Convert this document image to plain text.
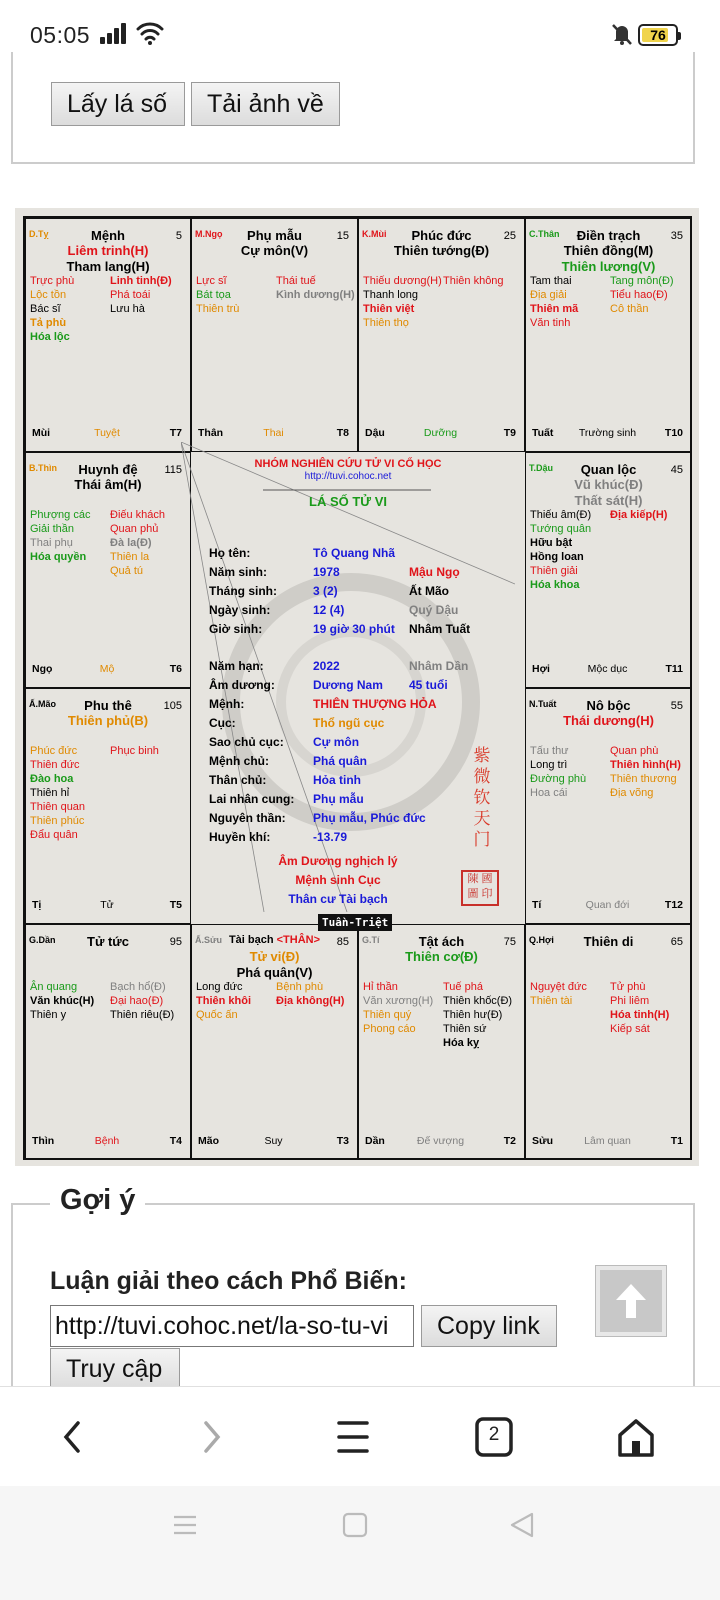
05:05	76
Lấy lá số	Tải ảnh về
D.Tỵ	Mệnh	5
Liêm trinh(H)
Tham lang(H)
Trực phù	Linh tinh(Đ)
Lộc tồn	Phá toái
Bác sĩ	Lưu hà
Tả phù
Hóa lộc
Mùi	Tuyệt	T7
M.Ngọ	Phụ mẫu	15
Cự môn(V)
Lực sĩ	Thái tuế
Bát tọa	Kình dương(H)
Thiên trù
Thân	Thai	T8
K.Mùi	Phúc đức	25
Thiên tướng(Đ)
Thiếu dương(H) Thiên không
Thanh long
Thiên việt
Thiên thọ
Dậu	Dưỡng	T9
C.Thân	Điền trạch	35
Thiên đồng(M)
Thiên lương(V)
Tam thai	Tang môn(Đ)
Địa giải	Tiểu hao(Đ)
Thiên mã	Cô thần
Văn tinh
Tuất	Trường sinh	T10
B.Thìn	Huynh đệ	115
Thái âm(H)
Phượng các	Điếu khách
Giải thần	Quan phủ
Thai phụ	Đà la(Đ)
Hóa quyền	Thiên la
Quả tú
Ngọ	Mộ	T6
T.Dậu	Quan lộc	45
Vũ khúc(Đ)
Thất sát(H)
Thiếu âm(Đ)	Địa kiếp(H)
Tướng quân
Hữu bật
Hồng loan
Thiên giải
Hóa khoa
Hợi	Mộc dục	T11
Ấ.Mão	Phu thê	105
Thiên phủ(B)
Phúc đức	Phục binh
Thiên đức
Đào hoa
Thiên hỉ
Thiên quan
Thiên phúc
Đẩu quân
Tị	Tử	T5
N.Tuất	Nô bộc	55
Thái dương(H)
Tấu thư	Quan phù
Long trì	Thiên hình(H)
Đường phù	Thiên thương
Hoa cái	Địa võng
Tí	Quan đới	T12
G.Dần	Tử tức	95
Ân quang	Bạch hổ(Đ)
Văn khúc(H)	Đại hao(Đ)
Thiên y	Thiên riêu(Đ)
Thìn	Bệnh	T4
Ấ.Sửu Tài bạch <THÂN>	85
Tử vi(Đ)
Phá quân(V)
Long đức	Bệnh phù
Thiên khôi	Địa không(H)
Quốc ấn
Mão	Suy	T3
G.Tí	Tật ách	75
Thiên cơ(Đ)
Hỉ thần	Tuế phá
Văn xương(H) Thiên khốc(Đ)
Thiên quý	Thiên hư(Đ)
Phong cáo	Thiên sứ
Hóa kỵ
Dần	Đế vượng	T2
Q.Hợi	Thiên di	65
Nguyệt đức	Tử phù
Thiên tài	Phi liêm
Hóa tinh(H)
Kiếp sát
Sửu	Lâm quan	T1
NHÓM NGHIÊN CỨU TỬ VI CỔ HỌC
http://tuvi.cohoc.net
LÁ SỐ TỬ VI
Họ tên:	Tô Quang Nhã
Năm sinh:	1978	Mậu Ngọ
Tháng sinh:	3 (2)	Ất Mão
Ngày sinh:	12 (4)	Quý Dậu
Giờ sinh:	19 giờ 30 phút	Nhâm Tuất
Năm hạn:	2022	Nhâm Dần
Âm dương:	Dương Nam	45 tuổi
Mệnh:	THIÊN THƯỢNG HỎA
Cục:	Thổ ngũ cục
Sao chủ cục:	Cự môn
Mệnh chủ:	Phá quân
Thân chủ:	Hỏa tinh
Lai nhân cung:	Phụ mẫu
Nguyên thần:	Phụ mẫu, Phúc đức
Huyền khí:	-13.79
Âm Dương nghịch lý
Mệnh sinh Cục
Thân cư Tài bạch
紫
微
钦
天
门
陳 國 圖 印
Tuần-Triệt
Gợi ý
Luận giải theo cách Phổ Biến:
http://tuvi.cohoc.net/la-so-tu-vi	Copy link
Truy cập
2
